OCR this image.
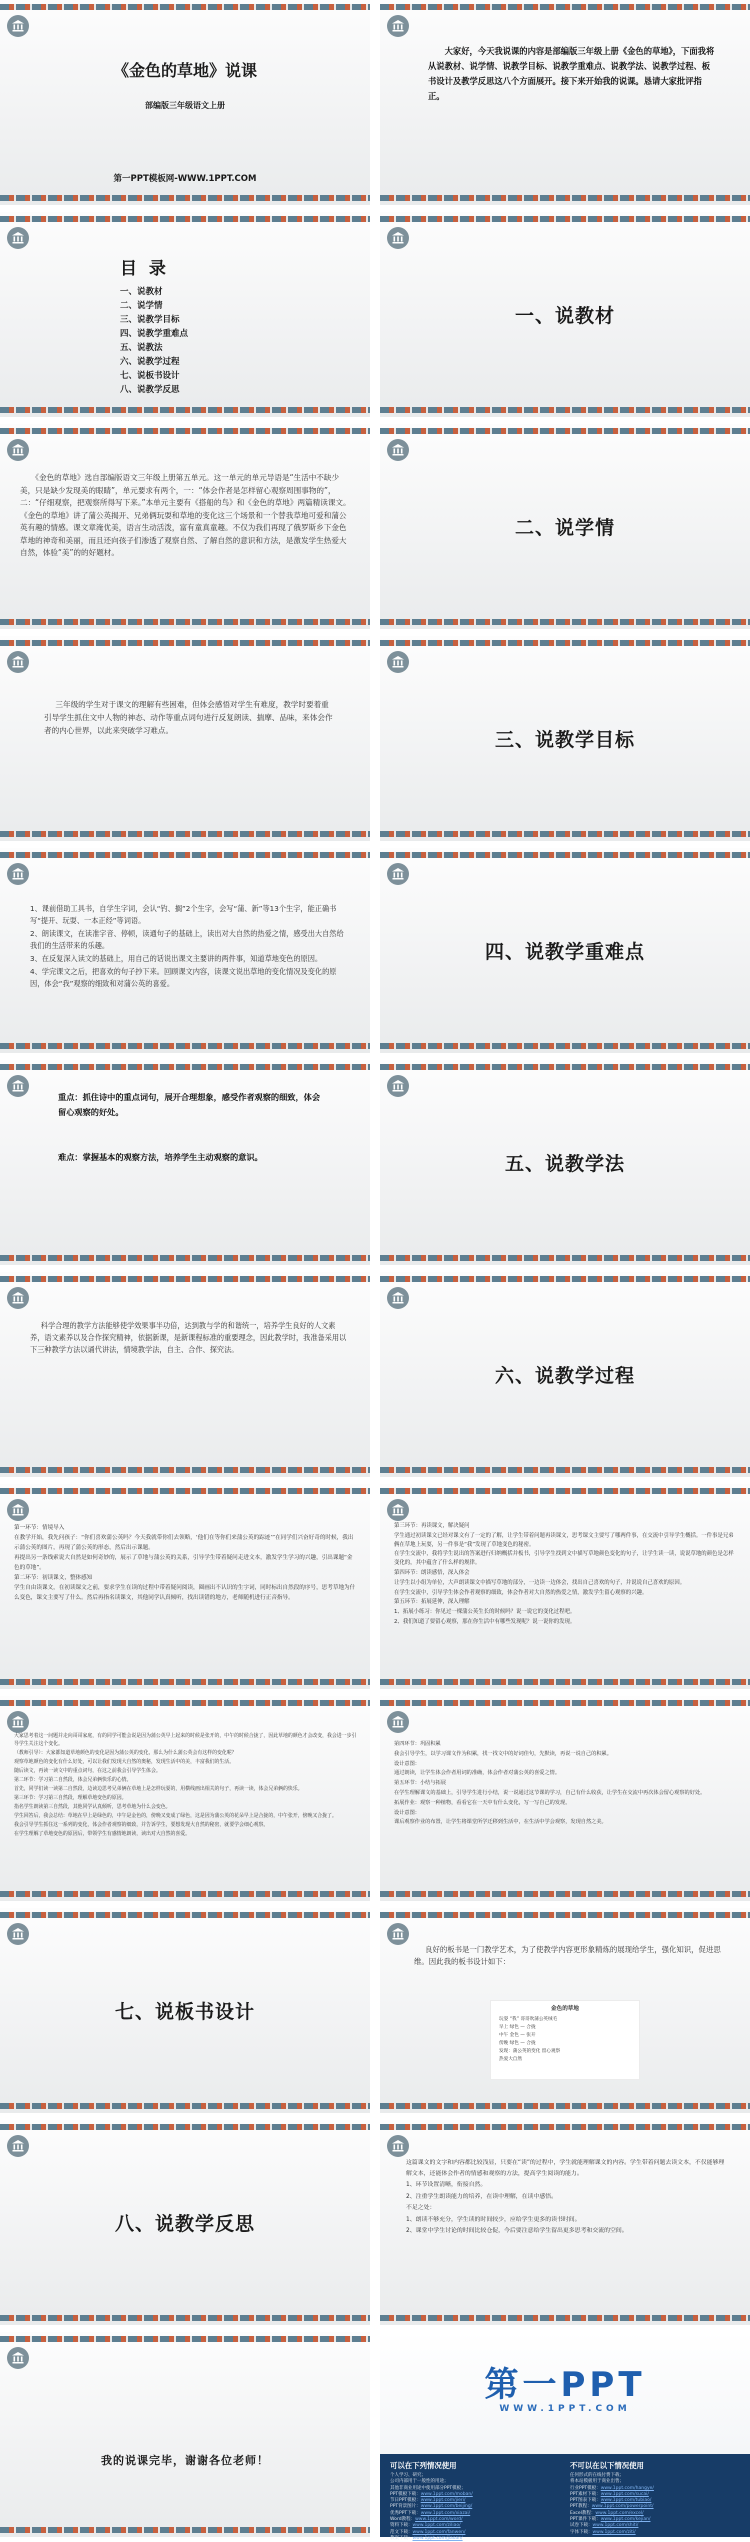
《金色的草地》说课
部编版三年级语文上册
第一PPT模板网-WWW.1PPT.COM
大家好，今天我说课的内容是部编版三年级上册《金色的草地》，下面我将从说教材、说学情、说教学目标、说教学重难点、说教学法、说教学过程、板书设计及教学反思这八个方面展开。接下来开始我的说课。恳请大家批评指正。
目 录
一、说教材
二、说学情
三、说教学目标
四、说教学重难点
五、说教法
六、说教学过程
七、说板书设计
八、说教学反思
一、说教材
二、说学情
三、说教学目标
四、说教学重难点
五、说教学法
六、说教学过程
七、说板书设计
八、说教学反思
《金色的草地》选自部编版语文三年级上册第五单元。这一单元的单元导语是“生活中不缺少美，只是缺少发现美的眼睛”，单元要求有两个，一：“体会作者是怎样留心观察周围事物的”，二：“仔细观察，把观察所得写下来。”本单元主要有《搭船的鸟》和《金色的草地》两篇精读课文。《金色的草地》讲了蒲公英揭开、兄弟俩玩耍和草地的变化这三个场景和一个替我草地可爱和蒲公英有趣的情感。课文章淹优美，语言生动活泼，富有童真童趣。不仅为我们再现了俄罗斯乡下金色草地的神奇和美丽，而且还向孩子们渗透了观察自然、了解自然的意识和方法，是激发学生热爱大自然，体验“美”的的好题材。
三年级的学生对于课文的理解有些困难，但体会感悟对学生有难度，教学时要着重引导学生抓住文中人物的神态、动作等重点词句进行反复朗读、揣摩、品味，来体会作者的内心世界，以此来突破学习难点。

1、课前借助工具书，自学生字词，会认“钓、搁”2个生字，会写“蒲、新”等13个生字，能正确书写“提开、玩耍、一本正经”等词语。

2、朗读课文，在读准字音、停顿，读通句子的基础上，读出对大自然的热爱之情，感受出大自然给我们的生活带来的乐趣。

3、在反复深入读文的基础上，用自己的话说出课文主要讲的两件事，知道草地变色的原因。

4、学完课文之后，把喜欢的句子抄下来。回顾课文内容，读课文说出草地的变化情况及变化的原因，体会“我”观察的细致和对蒲公英的喜爱。

重点：抓住诗中的重点词句，展开合理想象，感受作者观察的细致，体会留心观察的好处。
难点：掌握基本的观察方法，培养学生主动观察的意识。
科学合理的教学方法能够使学效果事半功倍，达到教与学的和谐统一，培养学生良好的人文素养，语文素养以及合作探究精神，依据新课，是新课程标准的重要理念，因此教学时，我准备采用以下三种教学方法以诵代讲法，情境教学法，自主、合作、探究法。

第一环节：情境导入

在教学开始，我先问孩子：“你们喜欢蒲公英吗？今天我就带你们去领略，‘他们在等你们来蒲公英的踪迹’”在同学们兴奋好奇的时候，我出示蒲公英的图片，再现了蒲公英的形态，然后出示课题。

再提出另一条线索说大自然是如何奇妙的，展示了草地与蒲公英的关系，引导学生带着疑问走进文本，激发学生学习的兴趣，引出课题“金色的草地”。

第二环节：初读课文，整体感知

学生自由读课文，在初读课文之前，要求学生在读的过程中带着疑问阅读，圈画出不认识的生字词，同时标出自然段的序号，思考草地为什么变色，课文主要写了什么。然后再指名读课文，其他同学认真倾听，找出读错的地方，老师随机进行正音指导。

第三环节：再读课文，解决疑问

学生通过初读课文已经对课文有了一定的了解，让学生带着问题再读课文，思考课文主要写了哪两件事，在交流中引导学生概括。一件事是兄弟俩在草地上玩耍，另一件事是“我”发现了草地变色的秘密。

在学生交流中，我将学生说出的答案进行归纳概括并板书，引导学生找到文中描写草地颜色变化的句子，让学生读一读，说说草地的颜色是怎样变化的，其中蕴含了什么样的规律。

第四环节：朗读感悟，深入体会

让学生以小组为单位，大声朗读课文中描写草地的部分，一边读一边体会，找出自己喜欢的句子，并说说自己喜欢的原因。

在学生交流中，引导学生体会作者观察的细致，体会作者对大自然的热爱之情，激发学生留心观察的兴趣。

第五环节：拓展延伸，深入理解

1、拓展小练习：你见过一棵蒲公英生长的时候吗？说一说它的变化过程吧。

2、我们知道了要留心观察，那在你生活中有哪些发现呢？说一说你的发现。

大家思考着这一问题并走向哥哥家庭，有的同学可能会说是因为蒲公英早上起来的时候是张开的，中午的时候合拢了，因此草地的颜色才会改变，我会进一步引导学生关注这个变化。

（教师引导）：大家都知道草地颜色的变化是因为蒲公英的变化，那么为什么蒲公英会有这样的变化呢？

观察草地颜色的变化有什么好处，可以让我们发现大自然的奥秘，发现生活中的美，丰富我们的生活。

随后读文，再读一读文中的重点词句，在这之前我会引导学生体会。

第二环节：学习第二自然段，体会兄弟俩快乐的心情。

首先，同学们读一读第二自然段，边读边思考兄弟俩在草地上是怎样玩耍的，用横线画出相关的句子，再读一读，体会兄弟俩的快乐。

第三环节：学习第三自然段，理解草地变色的原因。

指名学生朗读第三自然段，其他同学认真倾听，思考草地为什么会变色。

学生回答后，我会总结：草地在早上是绿色的，中午是金色的，傍晚又变成了绿色，这是因为蒲公英的花朵早上是合拢的，中午张开，傍晚又合拢了。

我会引导学生抓住这一系列的变化，体会作者观察的细致，并告诉学生，要想发现大自然的秘密，就要学会细心观察。

在学生理解了草地变色的原因后，带领学生有感情地朗读，读出对大自然的喜爱。

第四环节：巩固积累

我会引导学生，以学习课文作为积累，找一找文中的好词佳句，先默读，再说一说自己的积累。

设计意图：

通过朗读，让学生体会作者用词的准确，体会作者对蒲公英的喜爱之情。

第五环节：小结与拓展

在学生理解课文的基础上，引导学生进行小结，说一说通过这节课的学习，自己有什么收获，让学生在交流中再次体会留心观察的好处。

拓展作业：观察一种植物，看看它在一天中有什么变化，写一写自己的发现。

设计意图：

课后观察作业的布置，让学生将课堂所学迁移到生活中，在生活中学会观察，发现自然之美。

良好的板书是一门教学艺术，为了使教学内容更形象精炼的展现给学生，强化知识，促进思维。因此我的板书设计如下：
金色的草地
玩耍 “我” 哥哥吹蒲公英绒毛
早上 绿色 — 合拢
中午 金色 — 张开
傍晚 绿色 — 合拢
发现：蒲公英的变化 留心观察
热爱大自然

这篇课文的文字和内容都比较浅显，只要在“读”的过程中，学生就能理解课文的内容。学生带着问题去读文本，不仅能够理解文本，还能体会作者的情感和观察的方法，提高学生阅读的能力。

1、环节设置清晰，衔接自然。

2、注重学生朗读能力的培养，在读中理解，在读中感悟。

不足之处：

1、朗读不够充分，学生读的时间较少，应给学生更多的读书时间。

2、课堂中学生讨论的时间比较仓促，今后要注意给学生留出更多思考和交流的空间。

我的说课完毕，谢谢各位老师！
第一PPT
WWW.1PPT.COM
可以在下列情况使用
个人学习、研究；
公司内部用于一般性的用途；
其他非商业用途中使用部分PPT模板；
PPT模板下载：www.1ppt.com/moban/
节日PPT模板：www.1ppt.com/jieri/
PPT背景图片：www.1ppt.com/beijing/
优秀PPT下载：www.1ppt.com/xiazai/
Word教程：www.1ppt.com/word/
资料下载：www.1ppt.com/ziliao/
范文下载：www.1ppt.com/fanwen/
教案下载：www.1ppt.com/jiaoan/
不可以在以下情况使用
任何形式的在线付费下载；
将本站模板用于商业出售；
行业PPT模板：www.1ppt.com/hangye/
PPT素材下载：www.1ppt.com/sucai/
PPT图表下载：www.1ppt.com/tubiao/
PPT教程：www.1ppt.com/powerpoint/
Excel教程：www.1ppt.com/excel/
PPT课件下载：www.1ppt.com/kejian/
试卷下载：www.1ppt.com/shiti/
字体下载：www.1ppt.com/ziti/
